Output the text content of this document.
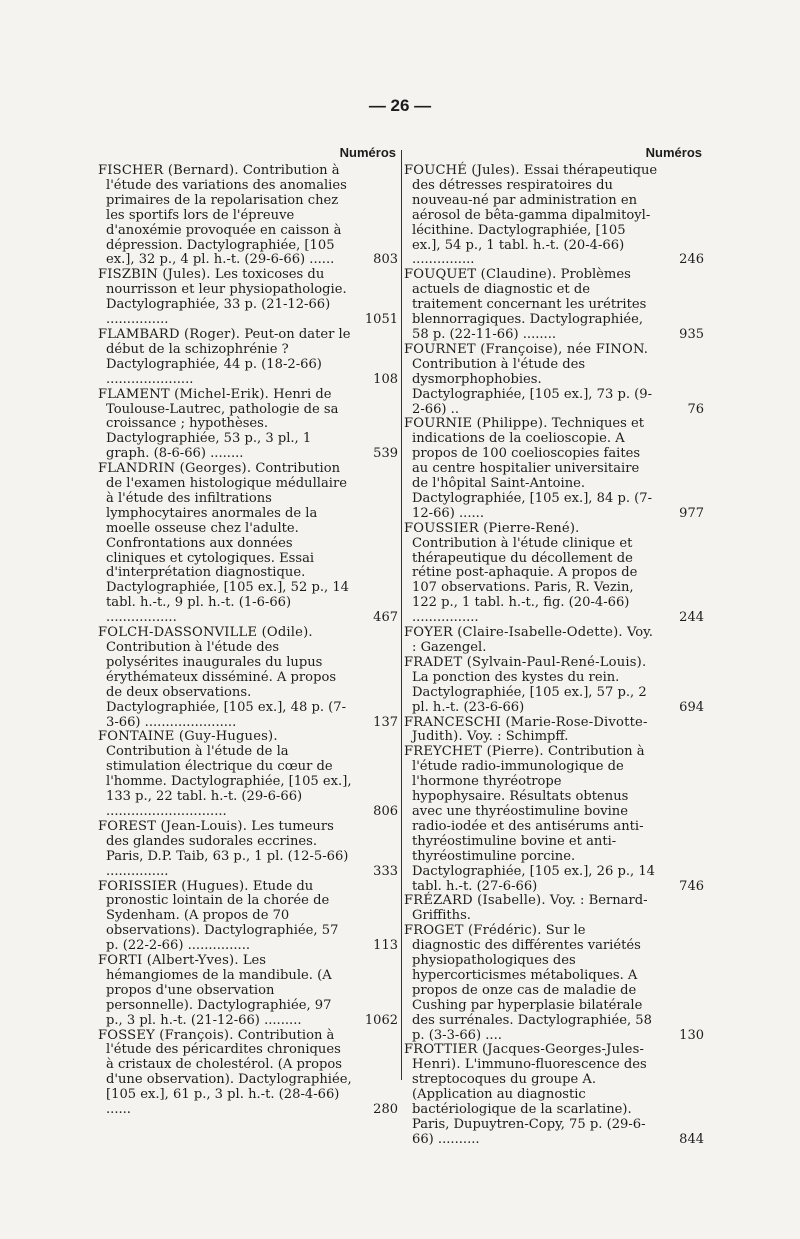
— 26 —
Numéros
FISCHER (Bernard). Contribution à l'étude des variations des anomalies primaires de la repolarisation chez les sportifs lors de l'épreuve d'anoxémie provoquée en caisson à dépression. Dactylographiée, [105 ex.], 32 p., 4 pl. h.-t. (29-6-66) ......	803
FISZBIN (Jules). Les toxicoses du nourrisson et leur physiopathologie. Dactylographiée, 33 p. (21-12-66) ...............	1051
FLAMBARD (Roger). Peut-on dater le début de la schizophrénie ? Dactylographiée, 44 p. (18-2-66) .....................	108
FLAMENT (Michel-Erik). Henri de Toulouse-Lautrec, pathologie de sa croissance ; hypothèses. Dactylographiée, 53 p., 3 pl., 1 graph. (8-6-66) ........	539
FLANDRIN (Georges). Contribution de l'examen histologique médullaire à l'étude des infiltrations lymphocytaires anormales de la moelle osseuse chez l'adulte. Confrontations aux données cliniques et cytologiques. Essai d'interprétation diagnostique. Dactylographiée, [105 ex.], 52 p., 14 tabl. h.-t., 9 pl. h.-t. (1-6-66) .................	467
FOLCH-DASSONVILLE (Odile). Contribution à l'étude des polysérites inaugurales du lupus érythémateux disséminé. A propos de deux observations. Dactylographiée, [105 ex.], 48 p. (7-3-66) ......................	137
FONTAINE (Guy-Hugues). Contribution à l'étude de la stimulation électrique du cœur de l'homme. Dactylographiée, [105 ex.], 133 p., 22 tabl. h.-t. (29-6-66) .............................	806
FOREST (Jean-Louis). Les tumeurs des glandes sudorales eccrines. Paris, D.P. Taib, 63 p., 1 pl. (12-5-66) ...............	333
FORISSIER (Hugues). Etude du pronostic lointain de la chorée de Sydenham. (A propos de 70 observations). Dactylographiée, 57 p. (22-2-66) ...............	113
FORTI (Albert-Yves). Les hémangiomes de la mandibule. (A propos d'une observation personnelle). Dactylographiée, 97 p., 3 pl. h.-t. (21-12-66) .........	1062
FOSSEY (François). Contribution à l'étude des péricardites chroniques à cristaux de cholestérol. (A propos d'une observation). Dactylographiée, [105 ex.], 61 p., 3 pl. h.-t. (28-4-66) ......	280
Numéros
FOUCHÉ (Jules). Essai thérapeutique des détresses respiratoires du nouveau-né par administration en aérosol de bêta-gamma dipalmitoyl-lécithine. Dactylographiée, [105 ex.], 54 p., 1 tabl. h.-t. (20-4-66) ...............	246
FOUQUET (Claudine). Problèmes actuels de diagnostic et de traitement concernant les urétrites blennorragiques. Dactylographiée, 58 p. (22-11-66) ........	935
FOURNET (Françoise), née FINON. Contribution à l'étude des dysmorphophobies. Dactylographiée, [105 ex.], 73 p. (9-2-66) ..	76
FOURNIE (Philippe). Techniques et indications de la coelioscopie. A propos de 100 coelioscopies faites au centre hospitalier universitaire de l'hôpital Saint-Antoine. Dactylographiée, [105 ex.], 84 p. (7-12-66) ......	977
FOUSSIER (Pierre-René). Contribution à l'étude clinique et thérapeutique du décollement de rétine post-aphaquie. A propos de 107 observations. Paris, R. Vezin, 122 p., 1 tabl. h.-t., fig. (20-4-66) ................	244
FOYER (Claire-Isabelle-Odette). Voy. : Gazengel.
FRADET (Sylvain-Paul-René-Louis). La ponction des kystes du rein. Dactylographiée, [105 ex.], 57 p., 2 pl. h.-t. (23-6-66)	694
FRANCESCHI (Marie-Rose-Divotte-Judith). Voy. : Schimpff.
FREYCHET (Pierre). Contribution à l'étude radio-immunologique de l'hormone thyréotrope hypophysaire. Résultats obtenus avec une thyréostimuline bovine radio-iodée et des antisérums anti-thyréostimuline bovine et anti-thyréostimuline porcine. Dactylographiée, [105 ex.], 26 p., 14 tabl. h.-t. (27-6-66)	746
FRÉZARD (Isabelle). Voy. : Bernard-Griffiths.
FROGET (Frédéric). Sur le diagnostic des différentes variétés physiopathologiques des hypercorticismes métaboliques. A propos de onze cas de maladie de Cushing par hyperplasie bilatérale des surrénales. Dactylographiée, 58 p. (3-3-66) ....	130
FROTTIER (Jacques-Georges-Jules-Henri). L'immuno-fluorescence des streptocoques du groupe A. (Application au diagnostic bactériologique de la scarlatine). Paris, Dupuytren-Copy, 75 p. (29-6-66) ..........	844
